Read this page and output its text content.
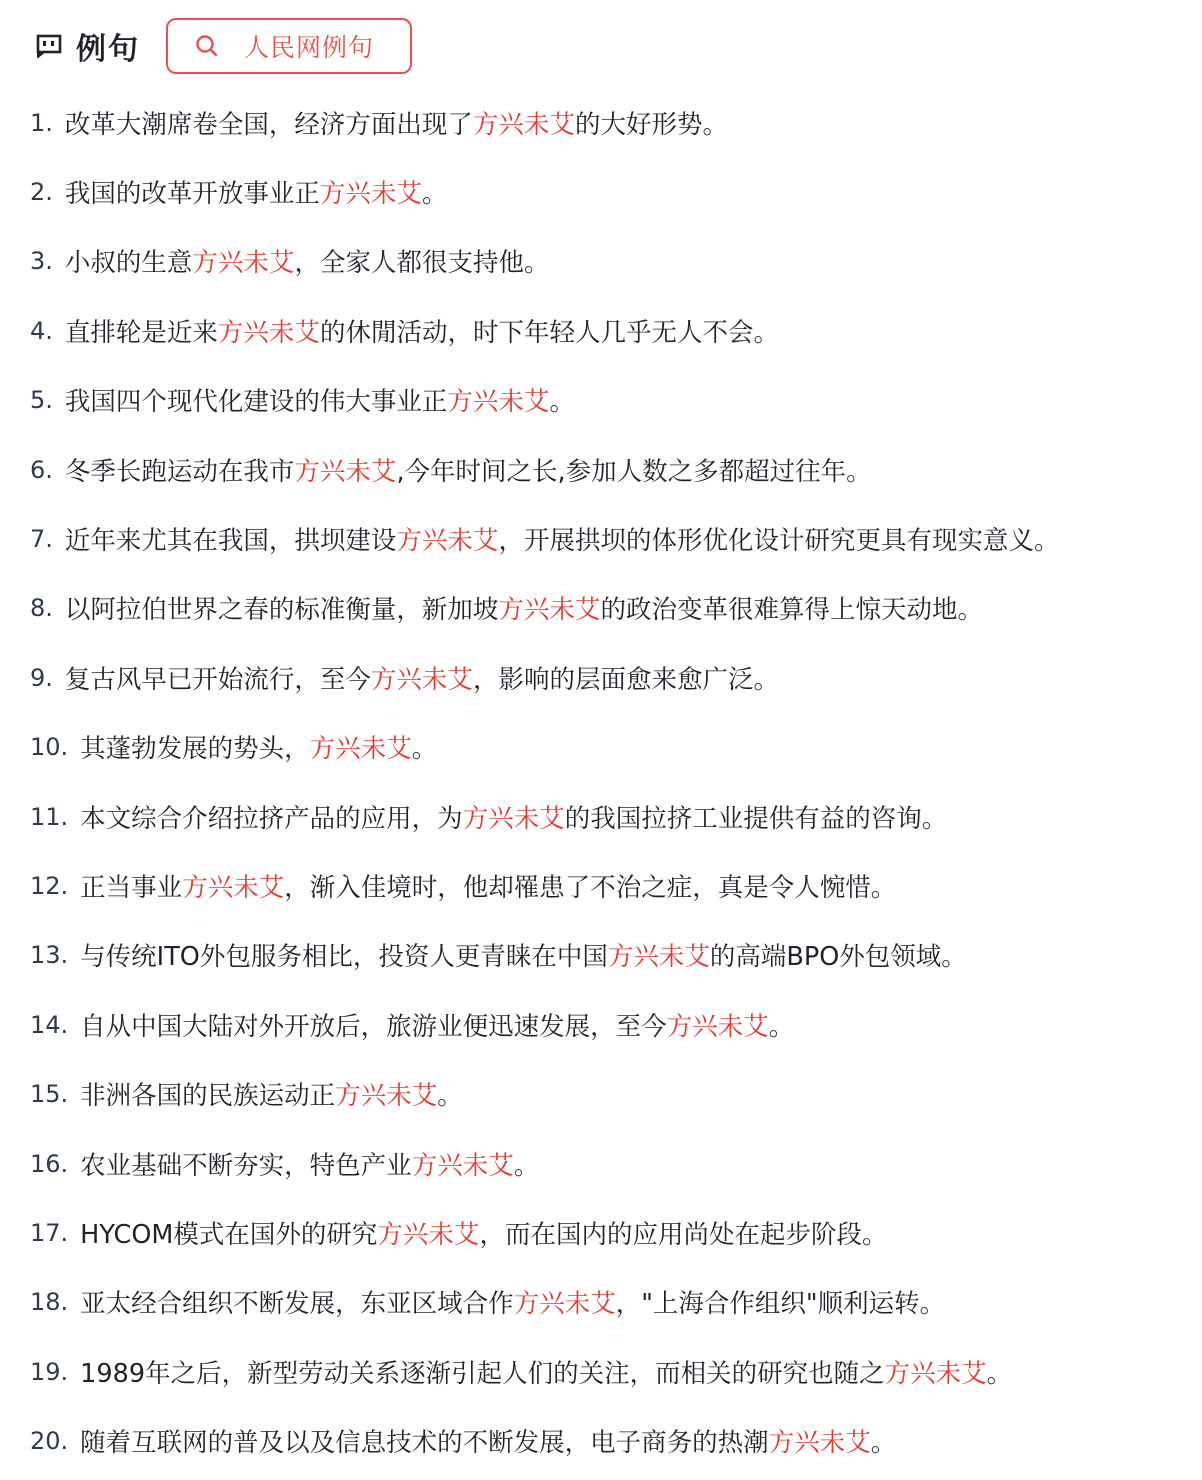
例句	人民网例句
1. 改革大潮席卷全国，经济方面出现了方兴未艾的大好形势。
2. 我国的改革开放事业正方兴未艾。
3. 小叔的生意方兴未艾，全家人都很支持他。
4. 直排轮是近来方兴未艾的休閒活动，时下年轻人几乎无人不会。
5. 我国四个现代化建设的伟大事业正方兴未艾。
6. 冬季长跑运动在我市方兴未艾,今年时间之长,参加人数之多都超过往年。
7. 近年来尤其在我国，拱坝建设方兴未艾，开展拱坝的体形优化设计研究更具有现实意义。
8. 以阿拉伯世界之春的标准衡量，新加坡方兴未艾的政治变革很难算得上惊天动地。
9. 复古风早已开始流行，至今方兴未艾，影响的层面愈来愈广泛。
10. 其蓬勃发展的势头，方兴未艾。
11. 本文综合介绍拉挤产品的应用，为方兴未艾的我国拉挤工业提供有益的咨询。
12. 正当事业方兴未艾，渐入佳境时，他却罹患了不治之症，真是令人惋惜。
13. 与传统ITO外包服务相比，投资人更青睐在中国方兴未艾的高端BPO外包领域。
14. 自从中国大陆对外开放后，旅游业便迅速发展，至今方兴未艾。
15. 非洲各国的民族运动正方兴未艾。
16. 农业基础不断夯实，特色产业方兴未艾。
17. HYCOM模式在国外的研究方兴未艾，而在国内的应用尚处在起步阶段。
18. 亚太经合组织不断发展，东亚区域合作方兴未艾，"上海合作组织"顺利运转。
19. 1989年之后，新型劳动关系逐渐引起人们的关注，而相关的研究也随之方兴未艾。
20. 随着互联网的普及以及信息技术的不断发展，电子商务的热潮方兴未艾。
